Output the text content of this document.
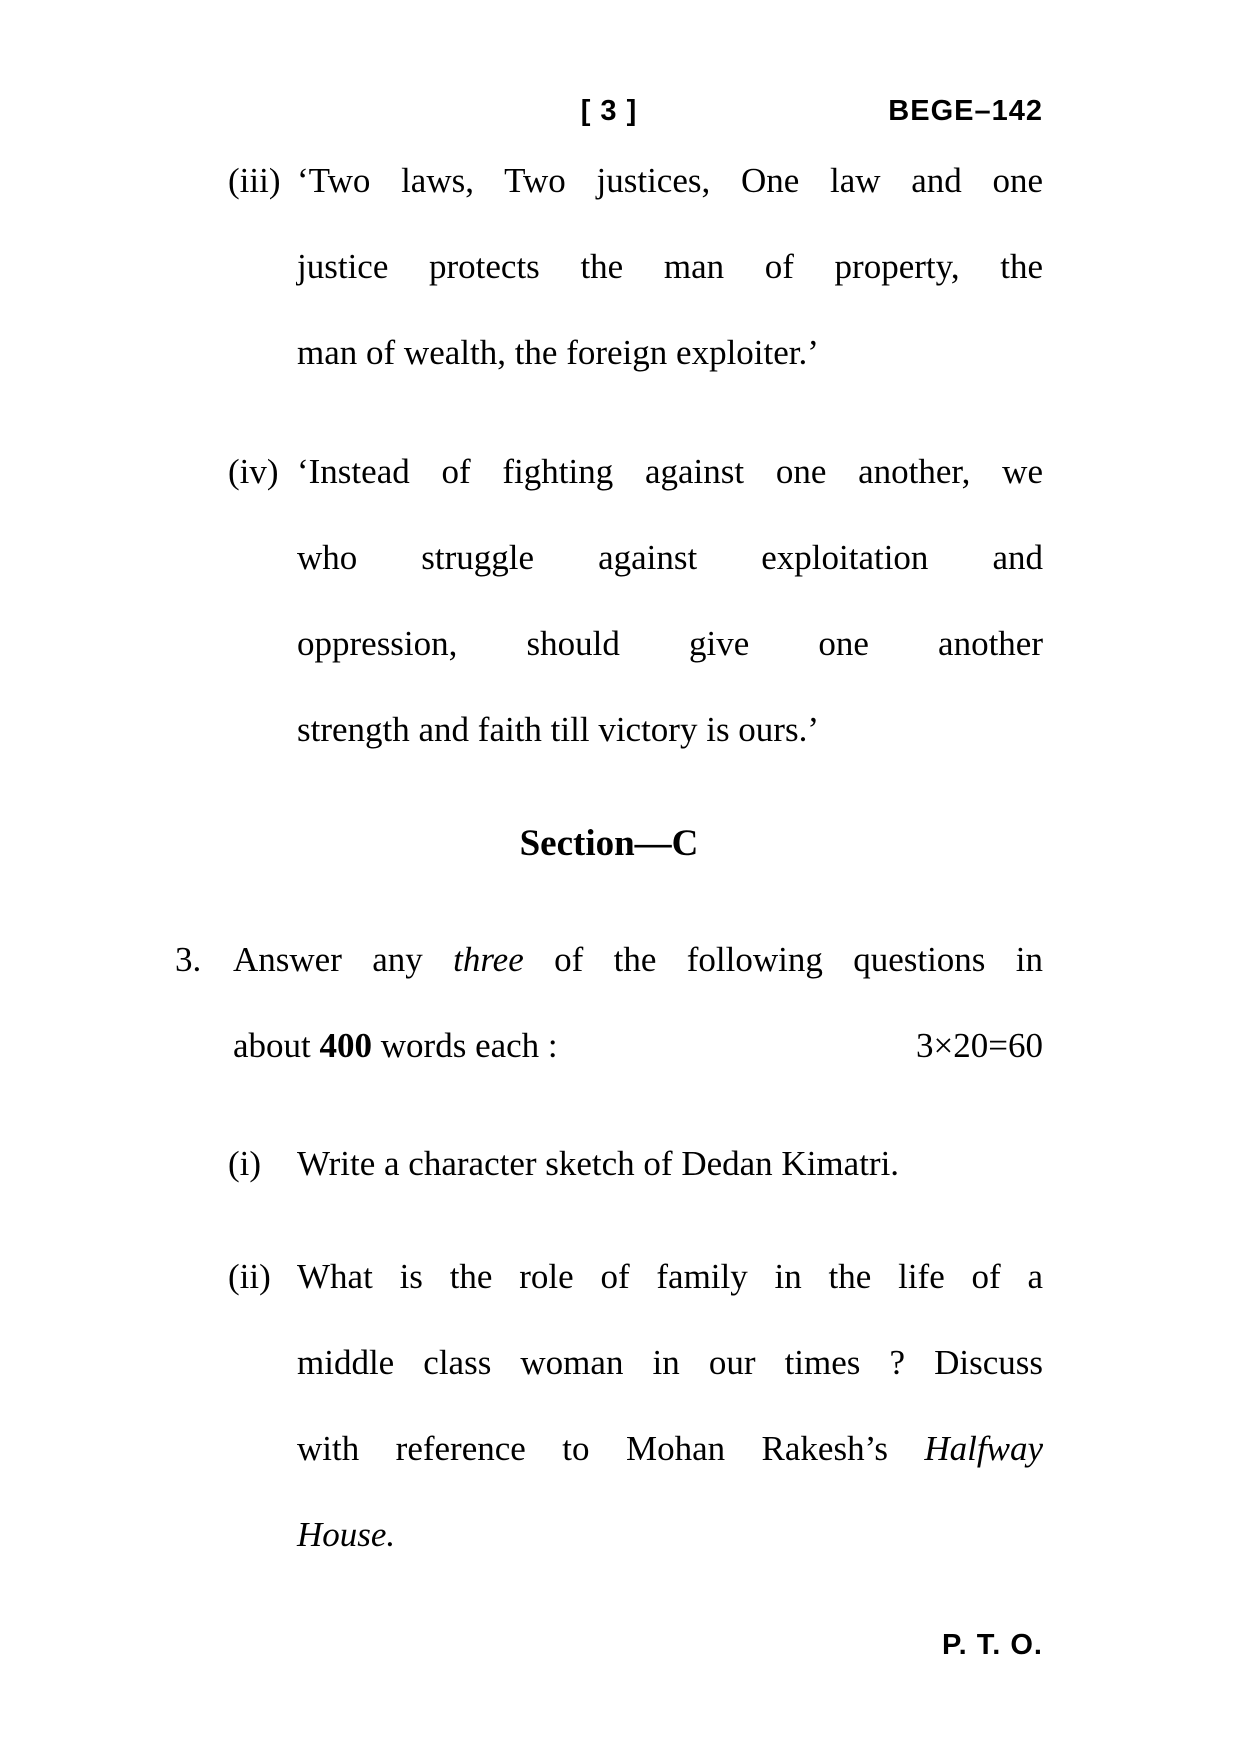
[ 3 ]	BEGE–142
(iii) ‘Two laws, Two justices, One law and one
justice protects the man of property, the
man of wealth, the foreign exploiter.’
(iv) ‘Instead of fighting against one another, we
who struggle against exploitation and
oppression, should give one another
strength and faith till victory is ours.’
Section—C
3. Answer any three of the following questions in
about 400 words each :	3×20=60
(i) Write a character sketch of Dedan Kimatri.
(ii) What is the role of family in the life of a
middle class woman in our times ? Discuss
with reference to Mohan Rakesh’s Halfway
House.
P. T. O.
